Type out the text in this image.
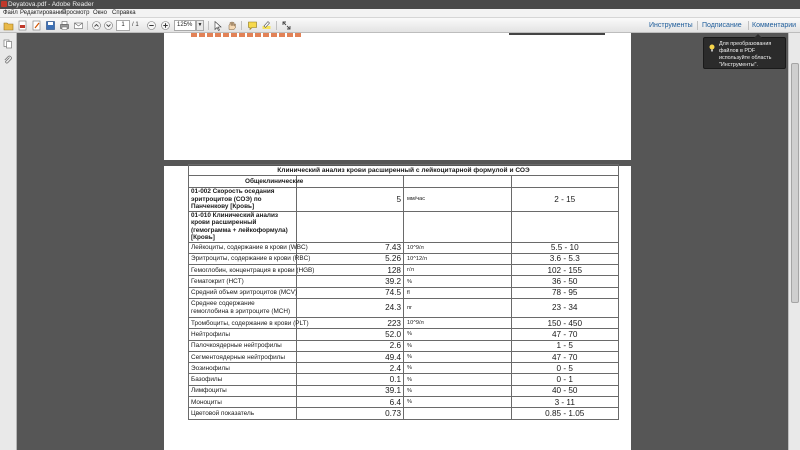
Deyatova.pdf - Adobe Reader
Файл Редактирование
Просмотр Окно Справка
1	/ 1	125%	▼	Инструменты Подписание Комментарии
Клинический анализ крови расширенный с лейкоцитарной формулой и СОЭ			
Общеклинические			
01-002 Скорость оседания эритроцитов (СОЭ) по Панченкову [Кровь]	5	мм/час	2 - 15
01-010 Клинический анализ крови расширенный (гемограмма + лейкоформула) [Кровь]			
Лейкоциты, содержание в крови (WBC)	7.43	10^9/л	5.5 - 10
Эритроциты, содержание в крови (RBC)	5.26	10^12/л	3.6 - 5.3
Гемоглобин, концентрация в крови (HGB)	128	г/л	102 - 155
Гематокрит (HCT)	39.2	%	36 - 50
Средний объем эритроцитов (MCV)	74.5	fl	78 - 95
Среднее содержание гемоглобина в эритроците (MCH)	24.3	пг	23 - 34
Тромбоциты, содержание в крови (PLT)	223	10^9/л	150 - 450
Нейтрофилы	52.0	%	47 - 70
Палочкоядерные нейтрофилы	2.6	%	1 - 5
Сегментоядерные нейтрофилы	49.4	%	47 - 70
Эозинофилы	2.4	%	0 - 5
Базофилы	0.1	%	0 - 1
Лимфоциты	39.1	%	40 - 50
Моноциты	6.4	%	3 - 11
Цветовой показатель	0.73		0.85 - 1.05
Для преобразования файлов в PDF используйте область "Инструменты".
